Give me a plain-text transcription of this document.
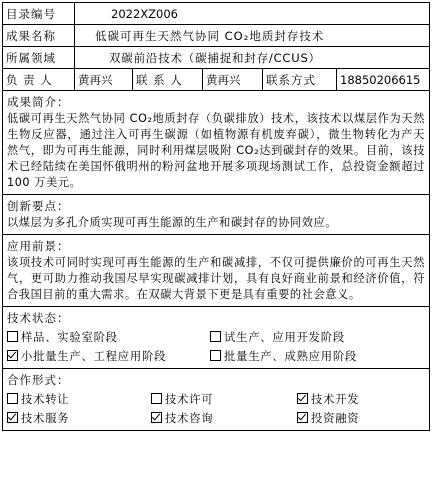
目录编号	2022XZ006
成果名称	低碳可再生天然气协同 CO₂地质封存技术
所属领域	双碳前沿技术（碳捕捉和封存/CCUS）
负 责 人	黄再兴	联 系 人	黄再兴	联系方式	18850206615
成果简介：
低碳可再生天然气协同 CO₂地质封存（负碳排放）技术，该技术以煤层作为天然生物反应器，通过注入可再生碳源（如植物源有机废弃碳），微生物转化为产天然气，即为可再生能源，同时利用煤层吸附 CO₂达到碳封存的效果。目前，该技术已经陆续在美国怀俄明州的粉河盆地开展多项现场测试工作，总投资金额超过 100 万美元。
创新要点：
以煤层为多孔介质实现可再生能源的生产和碳封存的协同效应。
应用前景：
该项技术可同时实现可再生能源的生产和碳减排，不仅可提供廉价的可再生天然气，更可助力推动我国尽早实现碳减排计划，具有良好商业前景和经济价值，符合我国目前的重大需求。在双碳大背景下更是具有重要的社会意义。
技术状态：
样品、实验室阶段	试生产、应用开发阶段
小批量生产、工程应用阶段	批量生产、成熟应用阶段
合作形式：
技术转让	技术许可	技术开发
技术服务	技术咨询	投资融资
